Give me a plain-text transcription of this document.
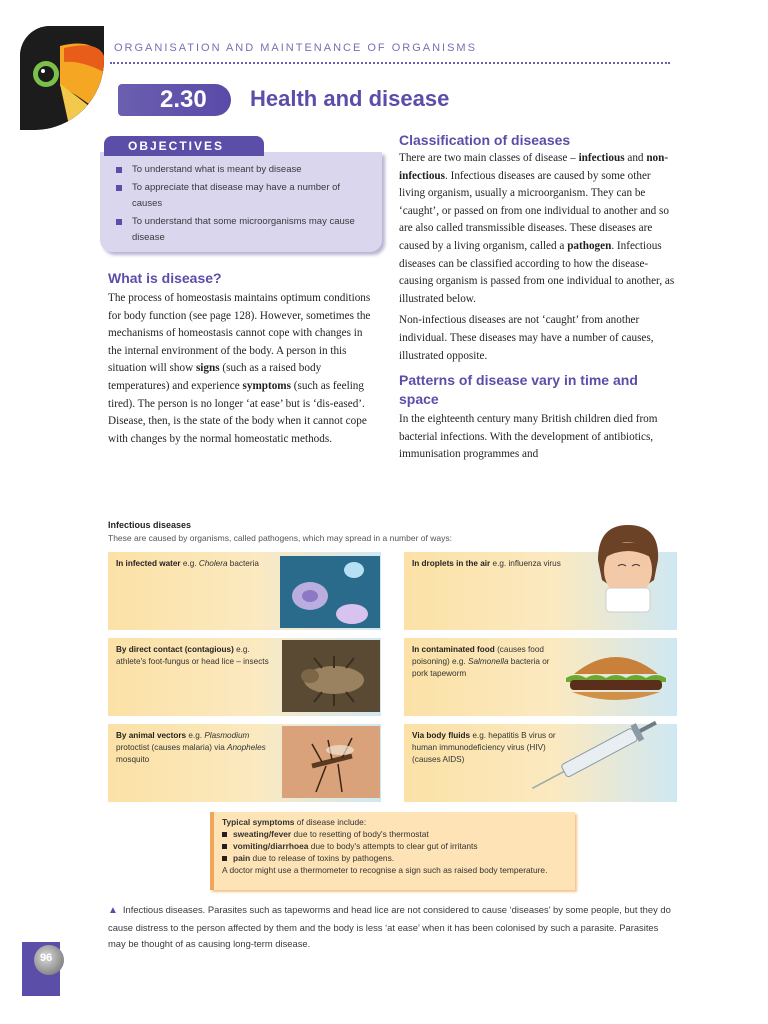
ORGANISATION AND MAINTENANCE OF ORGANISMS
2.30 Health and disease
OBJECTIVES
To understand what is meant by disease
To appreciate that disease may have a number of causes
To understand that some microorganisms may cause disease
What is disease?

The process of homeostasis maintains optimum conditions for body function (see page 128). However, sometimes the mechanisms of homeostasis cannot cope with changes in the internal environment of the body. A person in this situation will show signs (such as a raised body temperatures) and experience symptoms (such as feeling tired). The person is no longer ‘at ease’ but is ‘dis-eased’. Disease, then, is the state of the body when it cannot cope with changes by the normal homeostatic methods.

Classification of diseases

There are two main classes of disease – infectious and non-infectious. Infectious diseases are caused by some other living organism, usually a microorganism. They can be ‘caught’, or passed on from one individual to another and so are also called transmissible diseases. These diseases are caused by a living organism, called a pathogen. Infectious diseases can be classified according to how the disease-causing organism is passed from one individual to another, as illustrated below.

Non-infectious diseases are not ‘caught’ from another individual. These diseases may have a number of causes, illustrated opposite.

Patterns of disease vary in time and space

In the eighteenth century many British children died from bacterial infections. With the development of antibiotics, immunisation programmes and

Infectious diseases
These are caused by organisms, called pathogens, which may spread in a number of ways:
In infected water e.g. Cholera bacteria	In droplets in the air e.g. influenza virus
By direct contact (contagious) e.g. athlete's foot-fungus or head lice – insects
In contaminated food (causes food poisoning) e.g. Salmonella bacteria or pork tapeworm
By animal vectors e.g. Plasmodium protoctist (causes malaria) via Anopheles mosquito
Via body fluids e.g. hepatitis B virus or human immunodeficiency virus (HIV) (causes AIDS)
Typical symptoms of disease include:
sweating/fever due to resetting of body's thermostat
vomiting/diarrhoea due to body's attempts to clear gut of irritants
pain due to release of toxins by pathogens.
A doctor might use a thermometer to recognise a sign such as raised body temperature.
▲ Infectious diseases. Parasites such as tapeworms and head lice are not considered to cause ‘diseases’ by some people, but they do cause distress to the person affected by them and the body is less ‘at ease’ when it has been colonised by such a parasite. Parasites may be thought of as causing long-term disease.
96
